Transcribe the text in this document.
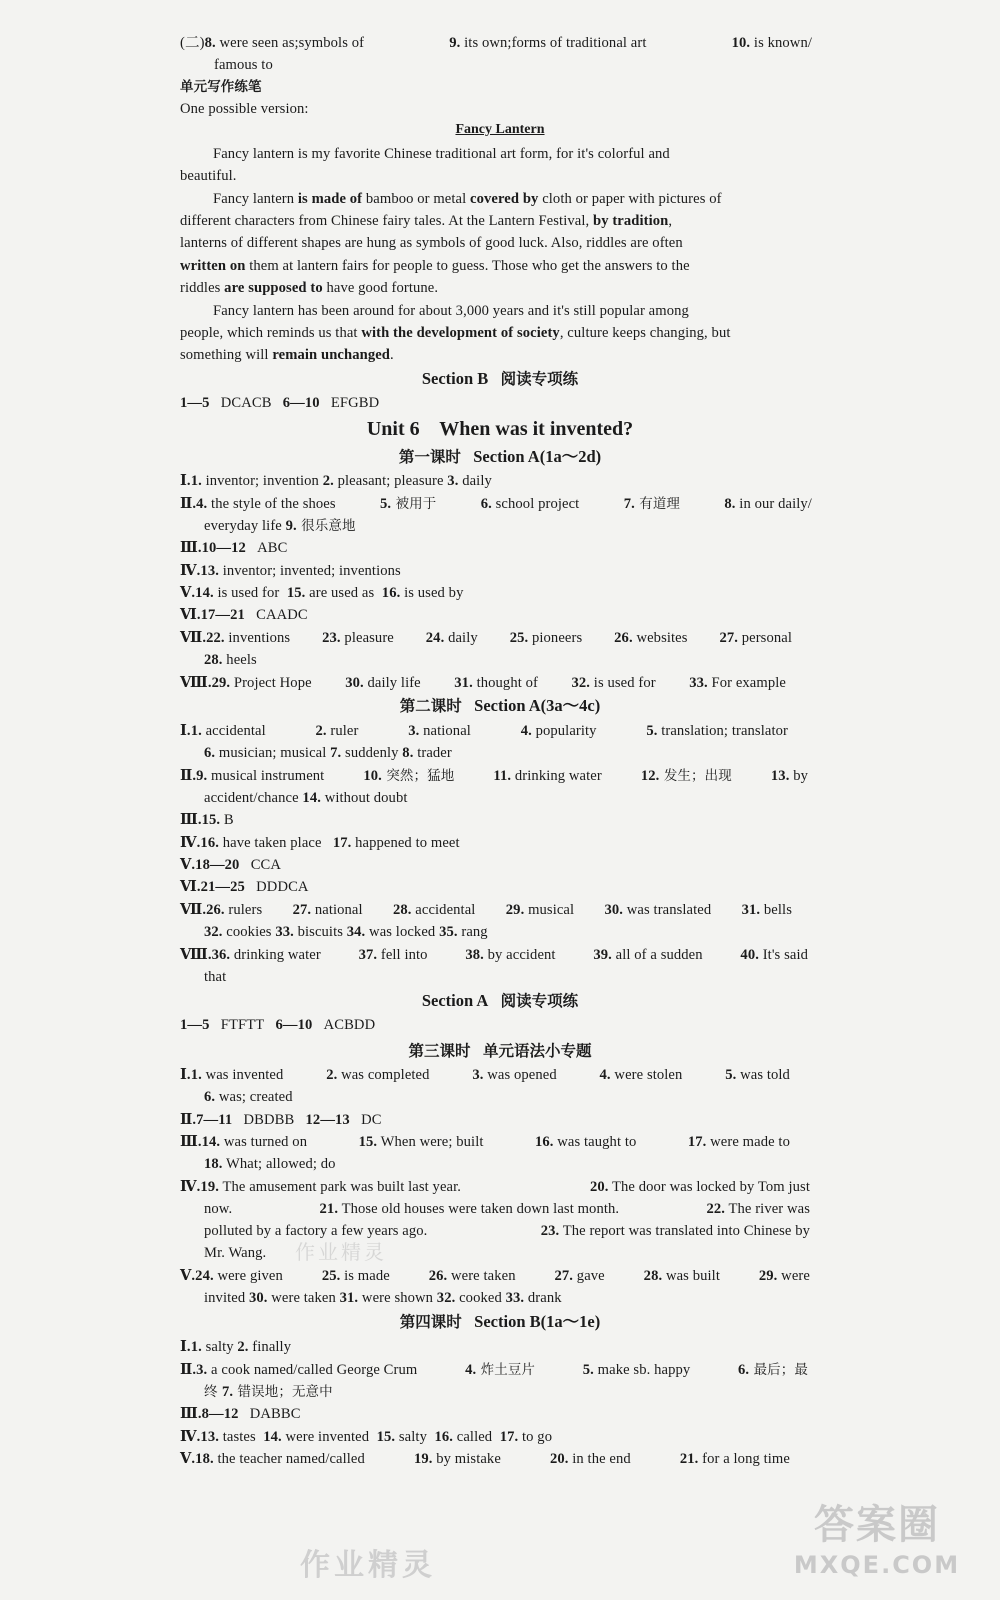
(二)8. were seen as;symbols of	9. its own;forms of traditional art	10. is known/
famous to
单元写作练笔
One possible version:
Fancy Lantern
Fancy lantern is my favorite Chinese traditional art form, for it's colorful and
beautiful.
Fancy lantern is made of bamboo or metal covered by cloth or paper with pictures of
different characters from Chinese fairy tales. At the Lantern Festival, by tradition,
lanterns of different shapes are hung as symbols of good luck. Also, riddles are often
written on them at lantern fairs for people to guess. Those who get the answers to the
riddles are supposed to have good fortune.
Fancy lantern has been around for about 3,000 years and it's still popular among
people, which reminds us that with the development of society, culture keeps changing, but
something will remain unchanged.
Section B 阅读专项练
1—5 DCACB 6—10 EFGBD
Unit 6    When was it invented?
第一课时 Section A(1a～2d)
Ⅰ.1. inventor; invention 2. pleasant; pleasure 3. daily
Ⅱ.4. the style of the shoes	5. 被用于	6. school project	7. 有道理	8. in our daily/
everyday life 9. 很乐意地
Ⅲ.10—12 ABC
Ⅳ.13. inventor; invented; inventions
Ⅴ.14. is used for  15. are used as  16. is used by
Ⅵ.17—21 CAADC
Ⅶ.22. inventions 23. pleasure 24. daily 25. pioneers 26. websites 27. personal
28. heels
Ⅷ.29. Project Hope 30. daily life 31. thought of 32. is used for 33. For example
第二课时 Section A(3a～4c)
Ⅰ.1. accidental	2. ruler	3. national	4. popularity	5. translation; translator
6. musician; musical 7. suddenly 8. trader
Ⅱ.9. musical instrument	10. 突然；猛地	11. drinking water	12. 发生；出现	13. by
accident/chance 14. without doubt
Ⅲ.15. B
Ⅳ.16. have taken place   17. happened to meet
Ⅴ.18—20 CCA
Ⅵ.21—25 DDDCA
Ⅶ.26. rulers 27. national 28. accidental 29. musical 30. was translated 31. bells
32. cookies 33. biscuits 34. was locked 35. rang
Ⅷ.36. drinking water	37. fell into	38. by accident	39. all of a sudden	40. It's said
that
Section A 阅读专项练
1—5 FTFTT 6—10 ACBDD
第三课时 单元语法小专题
Ⅰ.1. was invented	2. was completed	3. was opened	4. were stolen	5. was told
6. was; created
Ⅱ.7—11 DBDBB 12—13 DC
Ⅲ.14. was turned on	15. When were; built	16. was taught to	17. were made to
18. What; allowed; do
Ⅳ.19. The amusement park was built last year.	20. The door was locked by Tom just
now.	21. Those old houses were taken down last month.	22. The river was
polluted by a factory a few years ago.	23. The report was translated into Chinese by
Mr. Wang.
Ⅴ.24. were given	25. is made	26. were taken	27. gave	28. was built	29. were
invited 30. were taken 31. were shown 32. cooked 33. drank
第四课时 Section B(1a～1e)
Ⅰ.1. salty 2. finally
Ⅱ.3. a cook named/called George Crum	4. 炸土豆片	5. make sb. happy	6. 最后；最
终 7. 错误地；无意中
Ⅲ.8—12 DABBC
Ⅳ.13. tastes  14. were invented  15. salty  16. called  17. to go
Ⅴ.18. the teacher named/called	19. by mistake	20. in the end	21. for a long time
作业精灵
作业精灵
答案圈
MXQE.COM
